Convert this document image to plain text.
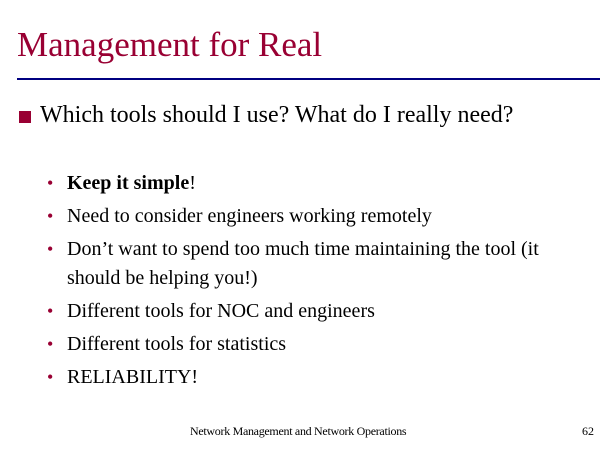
Management for Real
Which tools should I use? What do I really need?
• Keep it simple!
• Need to consider engineers working remotely
• Don’t want to spend too much time maintaining the tool (it should be helping you!)
• Different tools for NOC and engineers
• Different tools for statistics
• RELIABILITY!
Network Management and Network Operations	62
